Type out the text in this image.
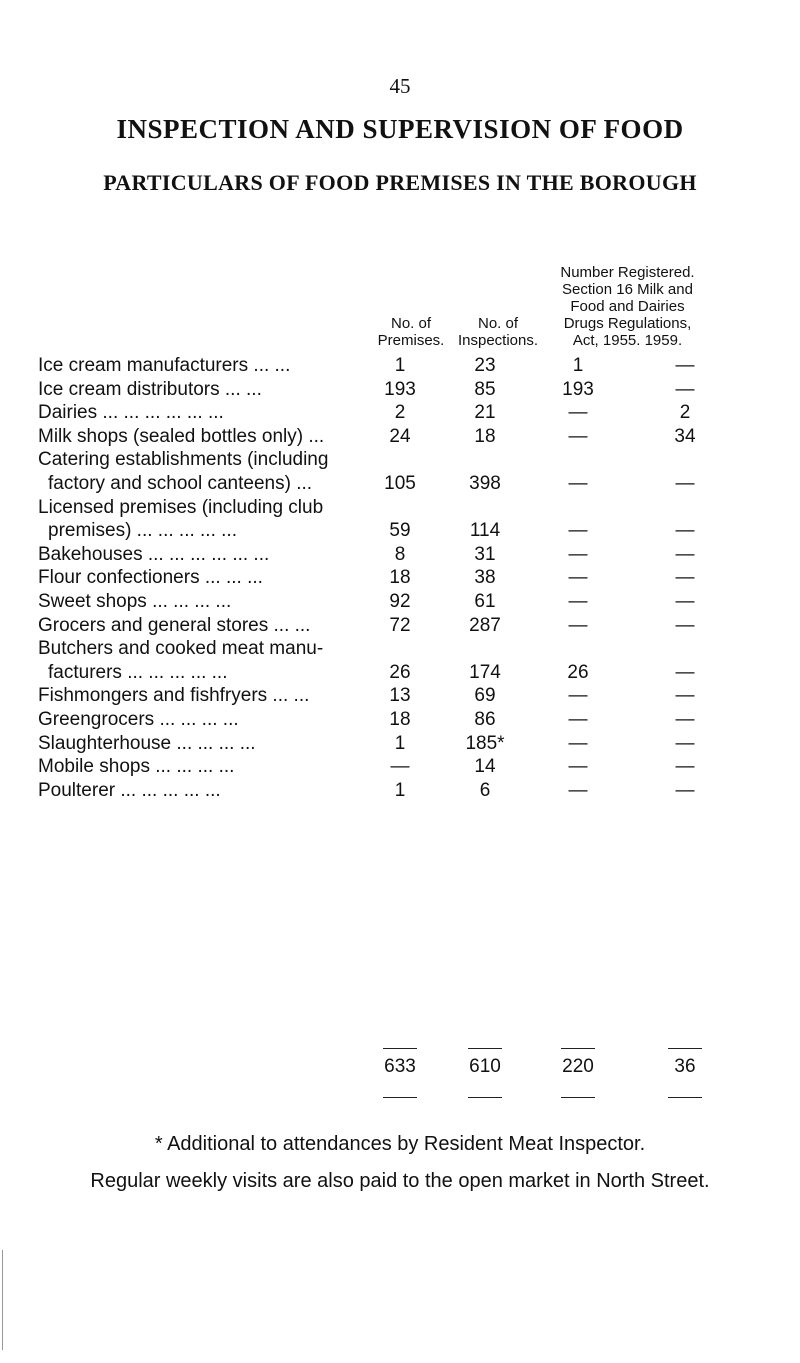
45
INSPECTION AND SUPERVISION OF FOOD
PARTICULARS OF FOOD PREMISES IN THE BOROUGH
No. of
Premises.
No. of
Inspections.
Number Registered.
Section 16 Milk and
Food and Dairies
Drugs Regulations,
Act, 1955. 1959.
Ice cream manufacturers ... ...	1	23	1	—
Ice cream distributors ... ...	193	85	193	—
Dairies ... ... ... ... ... ...	2	21	—	2
Milk shops (sealed bottles only) ...	24	18	—	34
Catering establishments (including
factory and school canteens) ...	105	398	—	—
Licensed premises (including club
premises) ... ... ... ... ...	59	114	—	—
Bakehouses ... ... ... ... ... ...	8	31	—	—
Flour confectioners ... ... ...	18	38	—	—
Sweet shops ... ... ... ...	92	61	—	—
Grocers and general stores ... ...	72	287	—	—
Butchers and cooked meat manu-
facturers ... ... ... ... ...	26	174	26	—
Fishmongers and fishfryers ... ...	13	69	—	—
Greengrocers ... ... ... ...	18	86	—	—
Slaughterhouse ... ... ... ...	1	185*	—	—
Mobile shops ... ... ... ...	—	14	—	—
Poulterer ... ... ... ... ...	1	6	—	—
633	610	220	36
* Additional to attendances by Resident Meat Inspector.
Regular weekly visits are also paid to the open market in North Street.
